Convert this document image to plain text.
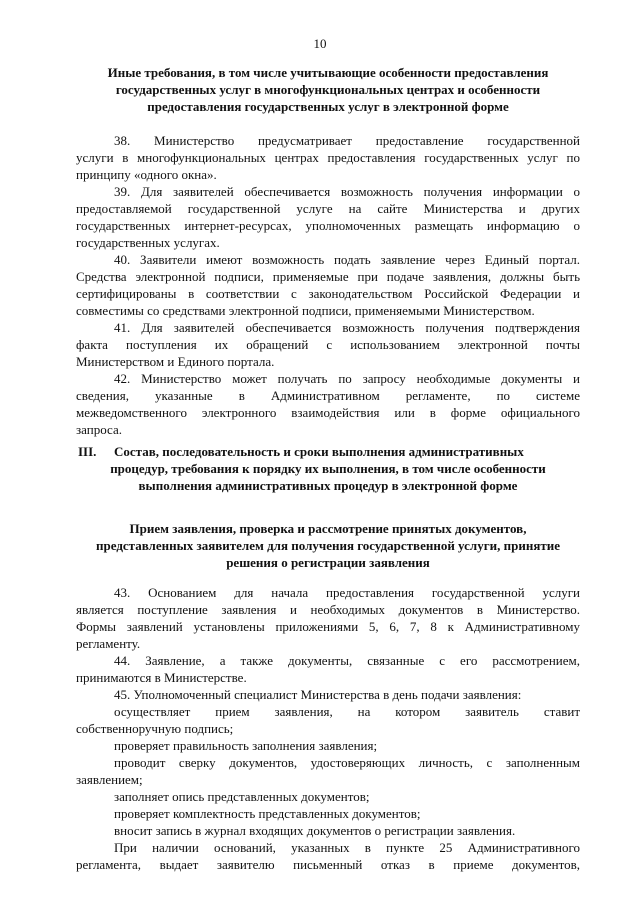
10
Иные требования, в том числе учитывающие особенности предоставления
государственных услуг в многофункциональных центрах и особенности
предоставления государственных услуг в электронной форме
38. Министерство предусматривает предоставление государственной
услуги в многофункциональных центрах предоставления государственных услуг по
принципу «одного окна».
39. Для заявителей обеспечивается возможность получения информации о
предоставляемой государственной услуге на сайте Министерства и других
государственных интернет-ресурсах, уполномоченных размещать информацию о
государственных услугах.
40. Заявители имеют возможность подать заявление через Единый портал.
Средства электронной подписи, применяемые при подаче заявления, должны быть
сертифицированы в соответствии с законодательством Российской Федерации и
совместимы со средствами электронной подписи, применяемыми Министерством.
41. Для заявителей обеспечивается возможность получения подтверждения
факта поступления их обращений с использованием электронной почты
Министерством и Единого портала.
42. Министерство может получать по запросу необходимые документы и
сведения, указанные в Административном регламенте, по системе
межведомственного электронного взаимодействия или в форме официального
запроса.
III. Состав, последовательность и сроки выполнения административных
процедур, требования к порядку их выполнения, в том числе особенности
выполнения административных процедур в электронной форме
Прием заявления, проверка и рассмотрение принятых документов,
представленных заявителем для получения государственной услуги, принятие
решения о регистрации заявления
43. Основанием для начала предоставления государственной услуги
является поступление заявления и необходимых документов в Министерство.
Формы заявлений установлены приложениями 5, 6, 7, 8 к Административному
регламенту.
44. Заявление, а также документы, связанные с его рассмотрением,
принимаются в Министерстве.
45. Уполномоченный специалист Министерства в день подачи заявления:
осуществляет прием заявления, на котором заявитель ставит
собственноручную подпись;
проверяет правильность заполнения заявления;
проводит сверку документов, удостоверяющих личность, с заполненным
заявлением;
заполняет опись представленных документов;
проверяет комплектность представленных документов;
вносит запись в журнал входящих документов о регистрации заявления.
При наличии оснований, указанных в пункте 25 Административного
регламента, выдает заявителю письменный отказ в приеме документов,
